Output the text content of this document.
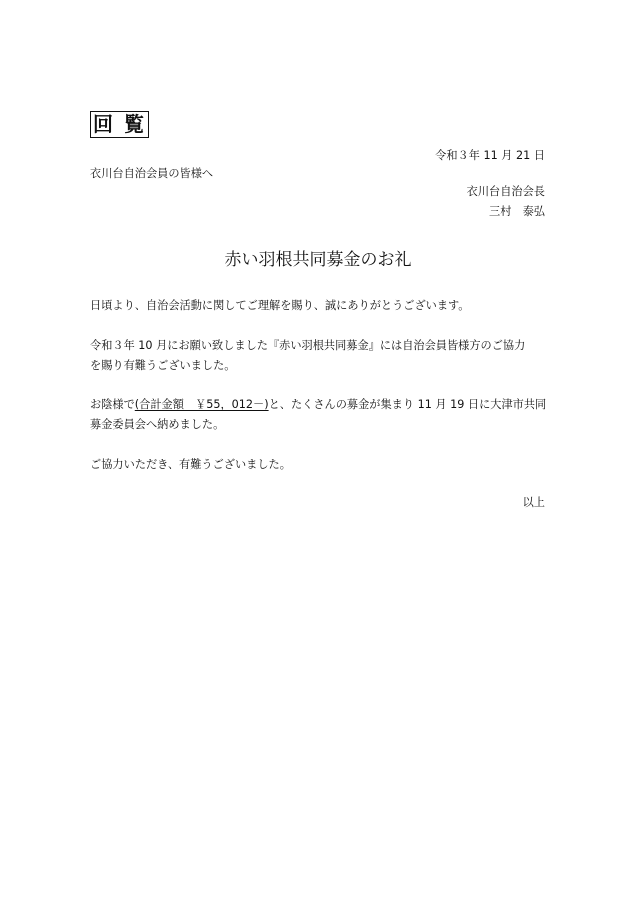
回 覧
令和３年 11 月 21 日
衣川台自治会員の皆様へ
衣川台自治会長
三村　泰弘
赤い羽根共同募金のお礼
日頃より、自治会活動に関してご理解を賜り、誠にありがとうございます。
令和３年 10 月にお願い致しました『赤い羽根共同募金』には自治会員皆様方のご協力
を賜り有難うございました。
お陰様で(合計金額　￥55，012－)と、たくさんの募金が集まり 11 月 19 日に大津市共同
募金委員会へ納めました。
ご協力いただき、有難うございました。
以上
